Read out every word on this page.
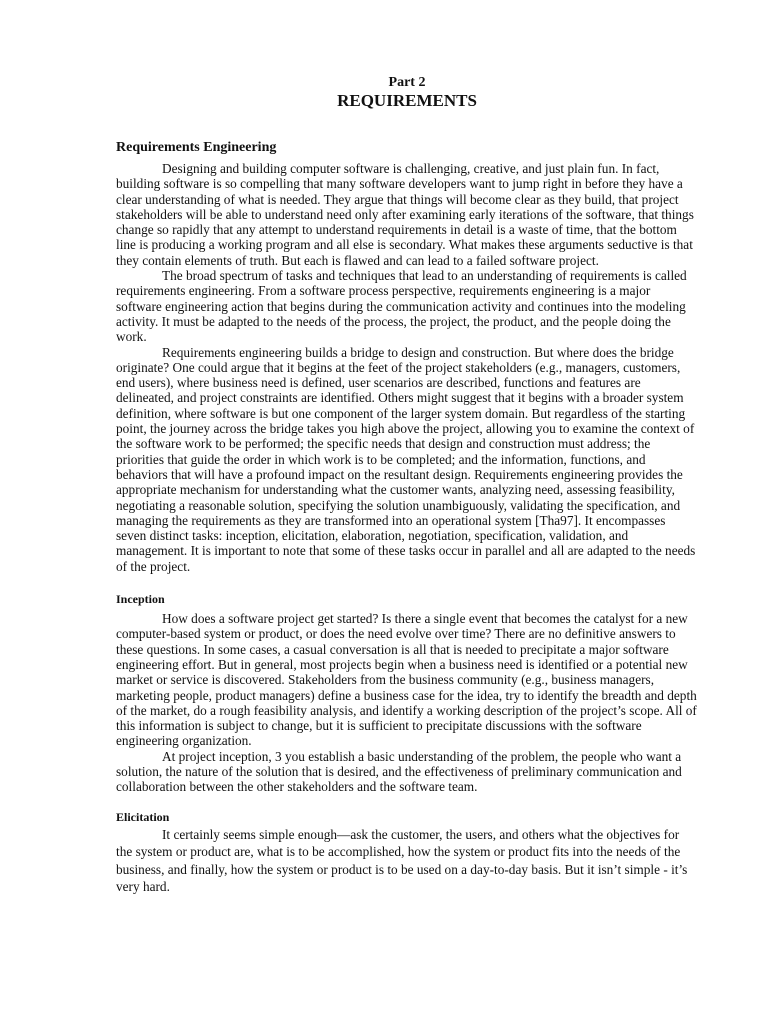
Part 2
REQUIREMENTS
Requirements Engineering

Designing and building computer software is challenging, creative, and just plain fun. In fact, building software is so compelling that many software developers want to jump right in before they have a clear understanding of what is needed. They argue that things will become clear as they build, that project stakeholders will be able to understand need only after examining early iterations of the software, that things change so rapidly that any attempt to understand requirements in detail is a waste of time, that the bottom line is producing a working program and all else is secondary. What makes these arguments seductive is that they contain elements of truth. But each is flawed and can lead to a failed software project.

The broad spectrum of tasks and techniques that lead to an understanding of requirements is called requirements engineering. From a software process perspective, requirements engineering is a major software engineering action that begins during the communication activity and continues into the modeling activity. It must be adapted to the needs of the process, the project, the product, and the people doing the work.

Requirements engineering builds a bridge to design and construction. But where does the bridge originate? One could argue that it begins at the feet of the project stakeholders (e.g., managers, customers, end users), where business need is defined, user scenarios are described, functions and features are delineated, and project constraints are identified. Others might suggest that it begins with a broader system definition, where software is but one component of the larger system domain. But regardless of the starting point, the journey across the bridge takes you high above the project, allowing you to examine the context of the software work to be performed; the specific needs that design and construction must address; the priorities that guide the order in which work is to be completed; and the information, functions, and behaviors that will have a profound impact on the resultant design. Requirements engineering provides the appropriate mechanism for understanding what the customer wants, analyzing need, assessing feasibility, negotiating a reasonable solution, specifying the solution unambiguously, validating the specification, and managing the requirements as they are transformed into an operational system [Tha97]. It encompasses seven distinct tasks: inception, elicitation, elaboration, negotiation, specification, validation, and management. It is important to note that some of these tasks occur in parallel and all are adapted to the needs of the project.

Inception

How does a software project get started? Is there a single event that becomes the catalyst for a new computer-based system or product, or does the need evolve over time? There are no definitive answers to these questions. In some cases, a casual conversation is all that is needed to precipitate a major software engineering effort. But in general, most projects begin when a business need is identified or a potential new market or service is discovered. Stakeholders from the business community (e.g., business managers, marketing people, product managers) define a business case for the idea, try to identify the breadth and depth of the market, do a rough feasibility analysis, and identify a working description of the project’s scope. All of this information is subject to change, but it is sufficient to precipitate discussions with the software engineering organization.

At project inception, 3 you establish a basic understanding of the problem, the people who want a solution, the nature of the solution that is desired, and the effectiveness of preliminary communication and collaboration between the other stakeholders and the software team.

Elicitation

It certainly seems simple enough—ask the customer, the users, and others what the objectives for the system or product are, what is to be accomplished, how the system or product fits into the needs of the business, and finally, how the system or product is to be used on a day-to-day basis. But it isn’t simple - it’s very hard.
